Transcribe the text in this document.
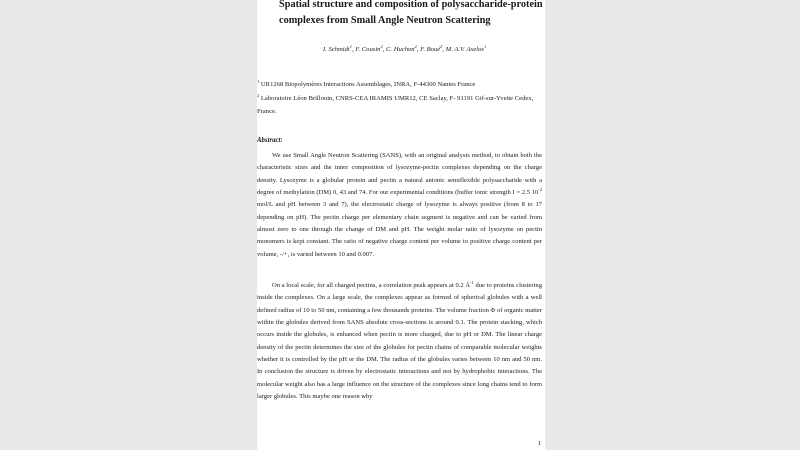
Spatial structure and composition of polysaccharide-protein complexes from Small Angle Neutron Scattering
I. Schmidt$^1$, F. Cousin$^2$, C. Huchon$^2$, F. Boué$^2$, M. A.V. Axelos$^1$
$^1$ UR1268 Biopolymères Interactions Assemblages, INRA, F-44300 Nantes France
$^2$ Laboratoire Léon Brillouin, CNRS-CEA IRAMIS UMR12, CE Saclay, F- 91191 Gif-sur-Yvette Cedex, France.
Abstract:
We use Small Angle Neutron Scattering (SANS), with an original analysis method, to obtain both the characteristic sizes and the inner composition of lysozyme-pectin complexes depending on the charge density. Lysozyme is a globular protein and pectin a natural anionic semiflexible polysaccharide with a degree of methylation (DM) 0, 43 and 74. For our experimental conditions (buffer ionic strength I = 2.5 $10^{-2}$ mol/L and pH between 3 and 7), the electrostatic charge of lysozyme is always positive (from 8 to 17 depending on pH). The pectin charge per elementary chain segment is negative and can be varied from almost zero to one through the change of DM and pH. The weight molar ratio of lysozyme on pectin monomers is kept constant. The ratio of negative charge content per volume to positive charge content per volume, -/+, is varied between 10 and 0.007.
On a local scale, for all charged pectins, a correlation peak appears at 0.2 $Å^{-1}$ due to proteins clustering inside the complexes. On a large scale, the complexes appear as formed of spherical globules with a well defined radius of 10 to 50 nm, containing a few thousands proteins. The volume fraction Φ of organic matter within the globules derived from SANS absolute cross-sections is around 0.1. The protein stacking, which occurs inside the globules, is enhanced when pectin is more charged, due to pH or DM. The linear charge density of the pectin determines the size of the globules for pectin chains of comparable molecular weights whether it is controlled by the pH or the DM. The radius of the globules varies between 10 nm and 50 nm. In conclusion the structure is driven by electrostatic interactions and not by hydrophobic interactions. The molecular weight also has a large influence on the structure of the complexes since long chains tend to form larger globules. This maybe one reason why
1
